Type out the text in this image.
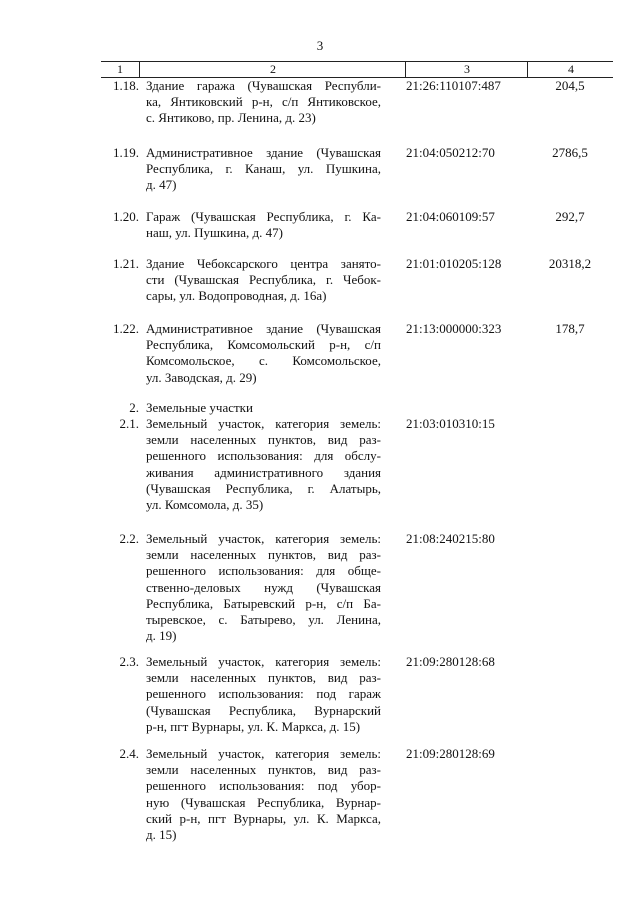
3
1	2	3	4
1.18. Здание гаража (Чувашская Республи-
ка, Янтиковский р-н, с/п Янтиковское,
с. Янтиково, пр. Ленина, д. 23)
21:26:110107:487	204,5
1.19. Административное здание (Чувашская
Республика, г. Канаш, ул. Пушкина,
д. 47)
21:04:050212:70	2786,5
1.20. Гараж (Чувашская Республика, г. Ка-
наш, ул. Пушкина, д. 47)
21:04:060109:57	292,7
1.21. Здание Чебоксарского центра занято-
сти (Чувашская Республика, г. Чебок-
сары, ул. Водопроводная, д. 16а)
21:01:010205:128	20318,2
1.22. Административное здание (Чувашская
Республика, Комсомольский р-н, с/п
Комсомольское, с. Комсомольское,
ул. Заводская, д. 29)
21:13:000000:323	178,7
2. Земельные участки
2.1. Земельный участок, категория земель:
земли населенных пунктов, вид раз-
решенного использования: для обслу-
живания административного здания
(Чувашская Республика, г. Алатырь,
ул. Комсомола, д. 35)
21:03:010310:15
2.2. Земельный участок, категория земель:
земли населенных пунктов, вид раз-
решенного использования: для обще-
ственно-деловых нужд (Чувашская
Республика, Батыревский р-н, с/п Ба-
тыревское, с. Батырево, ул. Ленина,
д. 19)
21:08:240215:80
2.3. Земельный участок, категория земель:
земли населенных пунктов, вид раз-
решенного использования: под гараж
(Чувашская Республика, Вурнарский
р-н, пгт Вурнары, ул. К. Маркса, д. 15)
21:09:280128:68
2.4. Земельный участок, категория земель:
земли населенных пунктов, вид раз-
решенного использования: под убор-
ную (Чувашская Республика, Вурнар-
ский р-н, пгт Вурнары, ул. К. Маркса,
д. 15)
21:09:280128:69
